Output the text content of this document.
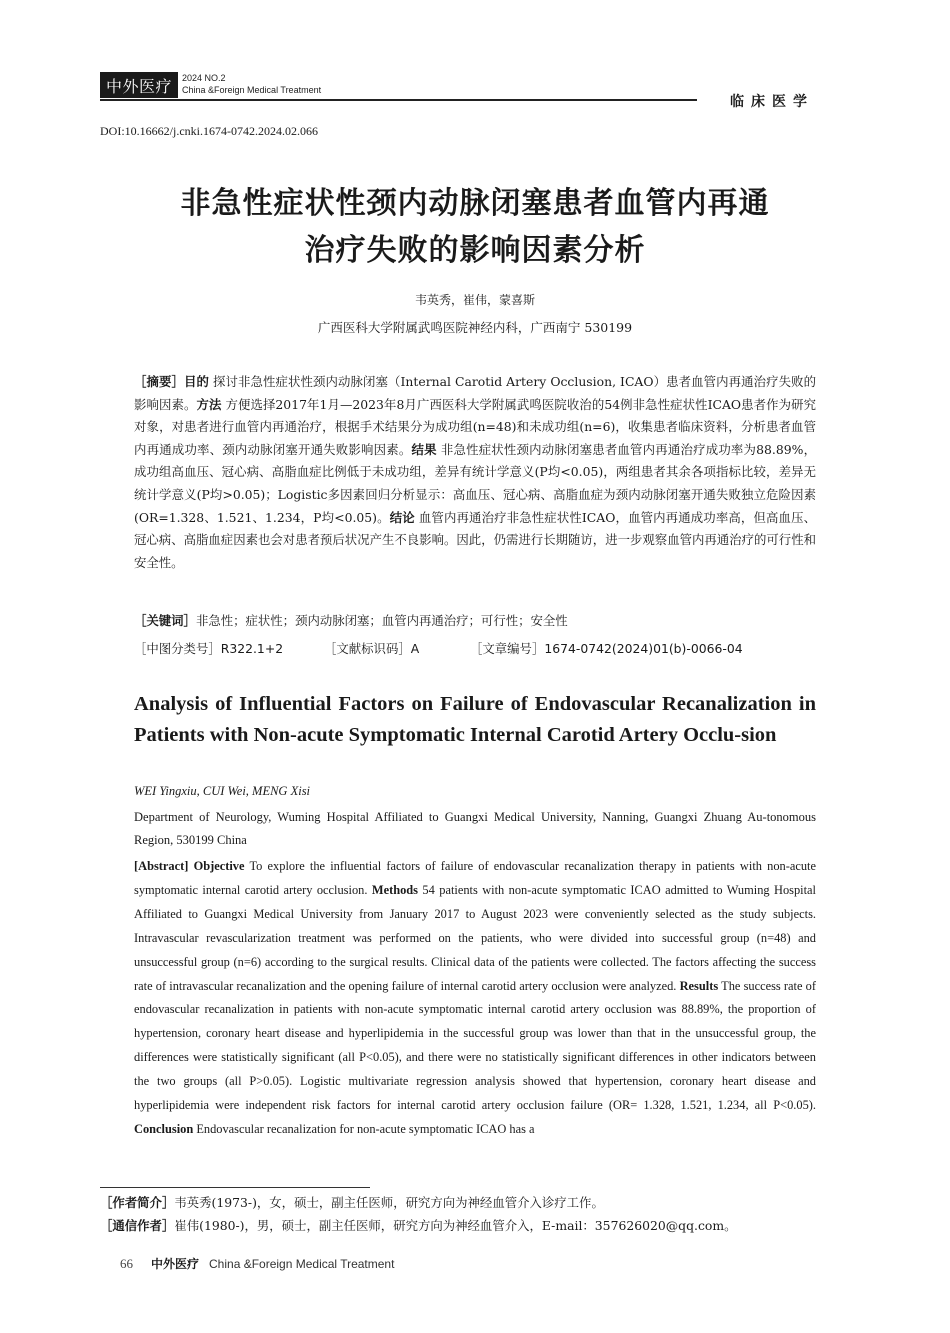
中外医疗	2024 NO.2
China &Foreign Medical Treatment
临床医学
DOI:10.16662/j.cnki.1674-0742.2024.02.066
非急性症状性颈内动脉闭塞患者血管内再通
治疗失败的影响因素分析
韦英秀，崔伟，蒙喜斯
广西医科大学附属武鸣医院神经内科，广西南宁 530199
［摘要］目的 探讨非急性症状性颈内动脉闭塞（Internal Carotid Artery Occlusion, ICAO）患者血管内再通治疗失败的影响因素。方法 方便选择2017年1月—2023年8月广西医科大学附属武鸣医院收治的54例非急性症状性ICAO患者作为研究对象，对患者进行血管内再通治疗，根据手术结果分为成功组(n=48)和未成功组(n=6)，收集患者临床资料，分析患者血管内再通成功率、颈内动脉闭塞开通失败影响因素。结果 非急性症状性颈内动脉闭塞患者血管内再通治疗成功率为88.89%，成功组高血压、冠心病、高脂血症比例低于未成功组，差异有统计学意义(P均<0.05)，两组患者其余各项指标比较，差异无统计学意义(P均>0.05)；Logistic多因素回归分析显示：高血压、冠心病、高脂血症为颈内动脉闭塞开通失败独立危险因素(OR=1.328、1.521、1.234，P均<0.05)。结论 血管内再通治疗非急性症状性ICAO，血管内再通成功率高，但高血压、冠心病、高脂血症因素也会对患者预后状况产生不良影响。因此，仍需进行长期随访，进一步观察血管内再通治疗的可行性和安全性。
［关键词］非急性；症状性；颈内动脉闭塞；血管内再通治疗；可行性；安全性
［中图分类号］R322.1+2	［文献标识码］A	［文章编号］1674-0742(2024)01(b)-0066-04
Analysis of Influential Factors on Failure of Endovascular Recanalization in Patients with Non-acute Symptomatic Internal Carotid Artery Occlu-sion
WEI Yingxiu, CUI Wei, MENG Xisi
Department of Neurology, Wuming Hospital Affiliated to Guangxi Medical University, Nanning, Guangxi Zhuang Au-tonomous Region, 530199 China
[Abstract] Objective To explore the influential factors of failure of endovascular recanalization therapy in patients with non-acute symptomatic internal carotid artery occlusion. Methods 54 patients with non-acute symptomatic ICAO admitted to Wuming Hospital Affiliated to Guangxi Medical University from January 2017 to August 2023 were conveniently selected as the study subjects. Intravascular revascularization treatment was performed on the patients, who were divided into successful group (n=48) and unsuccessful group (n=6) according to the surgical results. Clinical data of the patients were collected. The factors affecting the success rate of intravascular recanalization and the opening failure of internal carotid artery occlusion were analyzed. Results The success rate of endovascular recanalization in patients with non-acute symptomatic internal carotid artery occlusion was 88.89%, the proportion of hypertension, coronary heart disease and hyperlipidemia in the successful group was lower than that in the unsuccessful group, the differences were statistically significant (all P<0.05), and there were no statistically significant differences in other indicators between the two groups (all P>0.05). Logistic multivariate regression analysis showed that hypertension, coronary heart disease and hyperlipidemia were independent risk factors for internal carotid artery occlusion failure (OR= 1.328, 1.521, 1.234, all P<0.05). Conclusion Endovascular recanalization for non-acute symptomatic ICAO has a
［作者简介］韦英秀(1973-)，女，硕士，副主任医师，研究方向为神经血管介入诊疗工作。
［通信作者］崔伟(1980-)，男，硕士，副主任医师，研究方向为神经血管介入，E-mail：357626020@qq.com。
66 中外医疗 China &Foreign Medical Treatment
